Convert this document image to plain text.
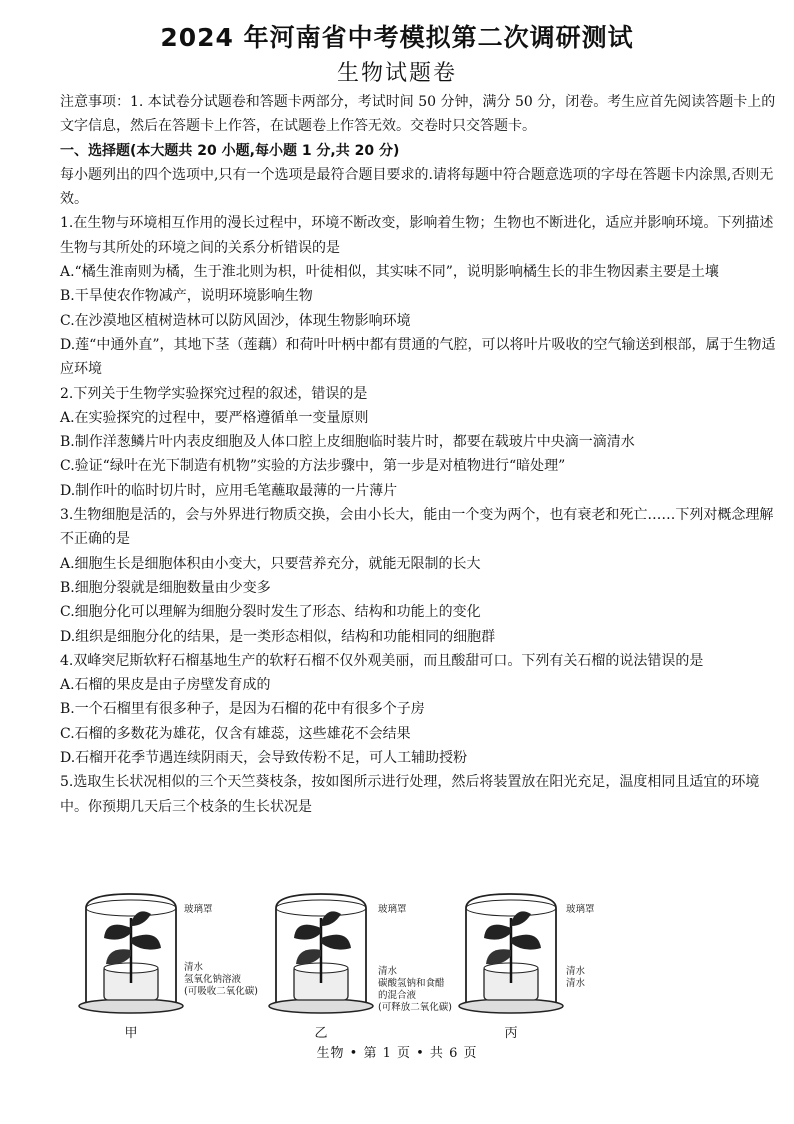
2024 年河南省中考模拟第二次调研测试
生物试题卷

注意事项：1. 本试卷分试题卷和答题卡两部分，考试时间 50 分钟，满分 50 分，闭卷。考生应首先阅读答题卡上的文字信息，然后在答题卡上作答，在试题卷上作答无效。交卷时只交答题卡。

一、选择题(本大题共 20 小题,每小题 1 分,共 20 分)

每小题列出的四个选项中,只有一个选项是最符合题目要求的.请将每题中符合题意选项的字母在答题卡内涂黑,否则无效。

1.在生物与环境相互作用的漫长过程中，环境不断改变，影响着生物；生物也不断进化，适应并影响环境。下列描述生物与其所处的环境之间的关系分析错误的是

A.“橘生淮南则为橘，生于淮北则为枳，叶徒相似，其实味不同”，说明影响橘生长的非生物因素主要是土壤

B.干旱使农作物减产，说明环境影响生物

C.在沙漠地区植树造林可以防风固沙，体现生物影响环境

D.莲“中通外直”，其地下茎（莲藕）和荷叶叶柄中都有贯通的气腔，可以将叶片吸收的空气输送到根部，属于生物适应环境

2.下列关于生物学实验探究过程的叙述，错误的是

A.在实验探究的过程中，要严格遵循单一变量原则

B.制作洋葱鳞片叶内表皮细胞及人体口腔上皮细胞临时装片时，都要在载玻片中央滴一滴清水

C.验证“绿叶在光下制造有机物”实验的方法步骤中，第一步是对植物进行“暗处理”

D.制作叶的临时切片时，应用毛笔蘸取最薄的一片薄片

3.生物细胞是活的，会与外界进行物质交换，会由小长大，能由一个变为两个，也有衰老和死亡……下列对概念理解不正确的是

A.细胞生长是细胞体积由小变大，只要营养充分，就能无限制的长大

B.细胞分裂就是细胞数量由少变多

C.细胞分化可以理解为细胞分裂时发生了形态、结构和功能上的变化

D.组织是细胞分化的结果，是一类形态相似，结构和功能相同的细胞群

4.双峰突尼斯软籽石榴基地生产的软籽石榴不仅外观美丽，而且酸甜可口。下列有关石榴的说法错误的是

A.石榴的果皮是由子房壁发育成的

B.一个石榴里有很多种子，是因为石榴的花中有很多个子房

C.石榴的多数花为雄花，仅含有雄蕊，这些雄花不会结果

D.石榴开花季节遇连续阴雨天，会导致传粉不足，可人工辅助授粉

5.选取生长状况相似的三个天竺葵枝条，按如图所示进行处理，然后将装置放在阳光充足，温度相同且适宜的环境中。你预期几天后三个枝条的生长状况是

玻璃罩
清水
氢氧化钠溶液
(可吸收二氧化碳)
甲
玻璃罩
清水
碳酸氢钠和食醋
的混合液
(可释放二氧化碳)
乙
玻璃罩
清水
清水
丙
生物 • 第 1 页 • 共 6 页
